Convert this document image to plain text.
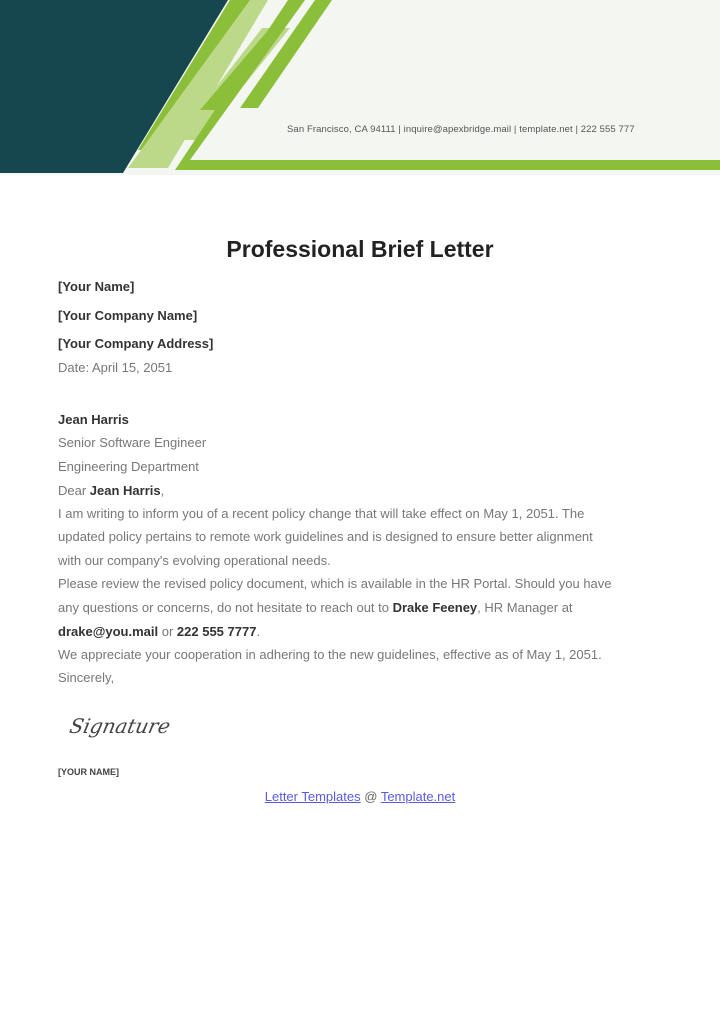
San Francisco, CA 94111 | inquire@apexbridge.mail | template.net | 222 555 777
Professional Brief Letter
[Your Name]
[Your Company Name]
[Your Company Address]
Date: April 15, 2051
Jean Harris
Senior Software Engineer
Engineering Department
Dear Jean Harris,
I am writing to inform you of a recent policy change that will take effect on May 1, 2051. The
updated policy pertains to remote work guidelines and is designed to ensure better alignment
with our company's evolving operational needs.
Please review the revised policy document, which is available in the HR Portal. Should you have
any questions or concerns, do not hesitate to reach out to Drake Feeney, HR Manager at
drake@you.mail or 222 555 7777.
We appreciate your cooperation in adhering to the new guidelines, effective as of May 1, 2051.
Sincerely,
Signature
[YOUR NAME]
Letter Templates @ Template.net
